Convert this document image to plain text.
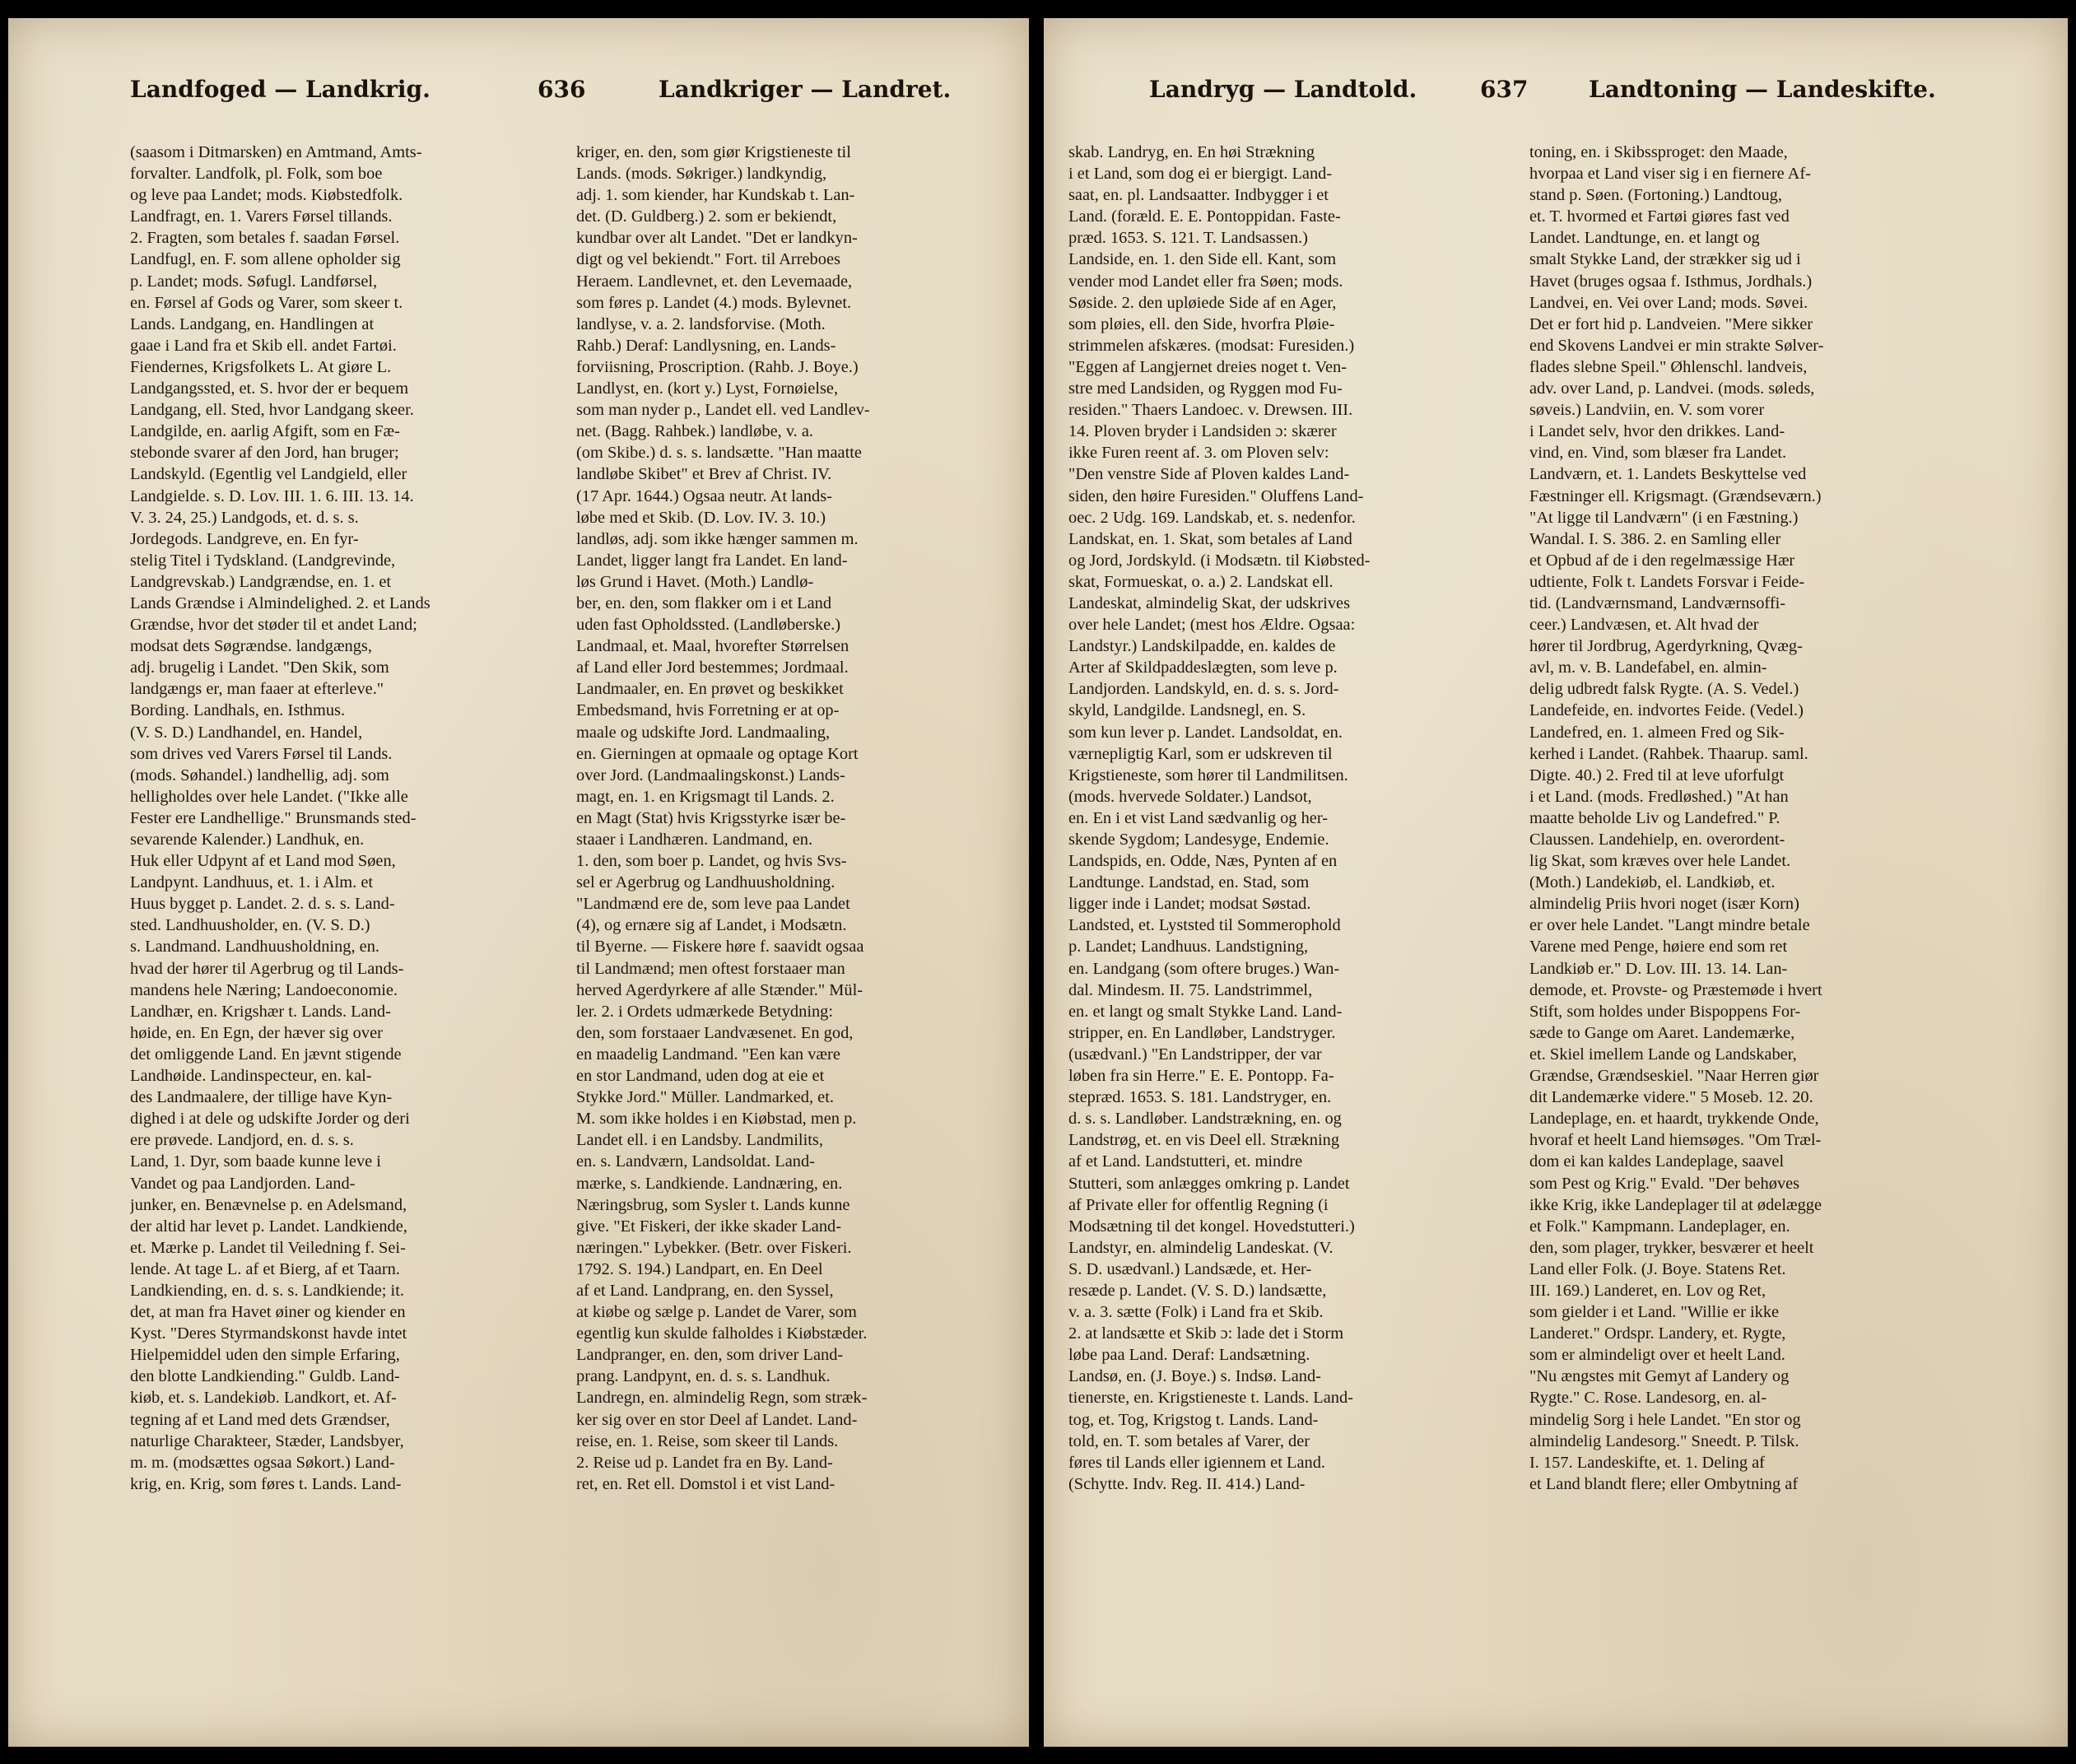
Landfoged — Landkrig.	636	Landkriger — Landret.
(saasom i Ditmarsken) en Amtmand, Amts-
forvalter. Landfolk, pl. Folk, som boe
og leve paa Landet; mods. Kiøbstedfolk.
Landfragt, en. 1. Varers Førsel tillands.
2. Fragten, som betales f. saadan Førsel.
Landfugl, en. F. som allene opholder sig
p. Landet; mods. Søfugl. Landførsel,
en. Førsel af Gods og Varer, som skeer t.
Lands. Landgang, en. Handlingen at
gaae i Land fra et Skib ell. andet Fartøi.
Fiendernes, Krigsfolkets L. At giøre L.
Landgangssted, et. S. hvor der er bequem
Landgang, ell. Sted, hvor Landgang skeer.
Landgilde, en. aarlig Afgift, som en Fæ-
stebonde svarer af den Jord, han bruger;
Landskyld. (Egentlig vel Landgield, eller
Landgielde. s. D. Lov. III. 1. 6. III. 13. 14.
V. 3. 24, 25.) Landgods, et. d. s. s.
Jordegods. Landgreve, en. En fyr-
stelig Titel i Tydskland. (Landgrevinde,
Landgrevskab.) Landgrændse, en. 1. et
Lands Grændse i Almindelighed. 2. et Lands
Grændse, hvor det støder til et andet Land;
modsat dets Søgrændse. landgængs,
adj. brugelig i Landet. "Den Skik, som
landgængs er, man faaer at efterleve."
Bording. Landhals, en. Isthmus.
(V. S. D.) Landhandel, en. Handel,
som drives ved Varers Førsel til Lands.
(mods. Søhandel.) landhellig, adj. som
helligholdes over hele Landet. ("Ikke alle
Fester ere Landhellige." Brunsmands sted-
sevarende Kalender.) Landhuk, en.
Huk eller Udpynt af et Land mod Søen,
Landpynt. Landhuus, et. 1. i Alm. et
Huus bygget p. Landet. 2. d. s. s. Land-
sted. Landhuusholder, en. (V. S. D.)
s. Landmand. Landhuusholdning, en.
hvad der hører til Agerbrug og til Lands-
mandens hele Næring; Landoeconomie.
Landhær, en. Krigshær t. Lands. Land-
høide, en. En Egn, der hæver sig over
det omliggende Land. En jævnt stigende
Landhøide. Landinspecteur, en. kal-
des Landmaalere, der tillige have Kyn-
dighed i at dele og udskifte Jorder og deri
ere prøvede. Landjord, en. d. s. s.
Land, 1. Dyr, som baade kunne leve i
Vandet og paa Landjorden. Land-
junker, en. Benævnelse p. en Adelsmand,
der altid har levet p. Landet. Landkiende,
et. Mærke p. Landet til Veiledning f. Sei-
lende. At tage L. af et Bierg, af et Taarn.
Landkiending, en. d. s. s. Landkiende; it.
det, at man fra Havet øiner og kiender en
Kyst. "Deres Styrmandskonst havde intet
Hielpemiddel uden den simple Erfaring,
den blotte Landkiending." Guldb. Land-
kiøb, et. s. Landekiøb. Landkort, et. Af-
tegning af et Land med dets Grændser,
naturlige Charakteer, Stæder, Landsbyer,
m. m. (modsættes ogsaa Søkort.) Land-
krig, en. Krig, som føres t. Lands. Land-
kriger, en. den, som giør Krigstieneste til
Lands. (mods. Søkriger.) landkyndig,
adj. 1. som kiender, har Kundskab t. Lan-
det. (D. Guldberg.) 2. som er bekiendt,
kundbar over alt Landet. "Det er landkyn-
digt og vel bekiendt." Fort. til Arreboes
Heraem. Landlevnet, et. den Levemaade,
som føres p. Landet (4.) mods. Bylevnet.
landlyse, v. a. 2. landsforvise. (Moth.
Rahb.) Deraf: Landlysning, en. Lands-
forviisning, Proscription. (Rahb. J. Boye.)
Landlyst, en. (kort y.) Lyst, Fornøielse,
som man nyder p., Landet ell. ved Landlev-
net. (Bagg. Rahbek.) landløbe, v. a.
(om Skibe.) d. s. s. landsætte. "Han maatte
landløbe Skibet" et Brev af Christ. IV.
(17 Apr. 1644.) Ogsaa neutr. At lands-
løbe med et Skib. (D. Lov. IV. 3. 10.)
landløs, adj. som ikke hænger sammen m.
Landet, ligger langt fra Landet. En land-
løs Grund i Havet. (Moth.) Landlø-
ber, en. den, som flakker om i et Land
uden fast Opholdssted. (Landløberske.)
Landmaal, et. Maal, hvorefter Størrelsen
af Land eller Jord bestemmes; Jordmaal.
Landmaaler, en. En prøvet og beskikket
Embedsmand, hvis Forretning er at op-
maale og udskifte Jord. Landmaaling,
en. Gierningen at opmaale og optage Kort
over Jord. (Landmaalingskonst.) Lands-
magt, en. 1. en Krigsmagt til Lands. 2.
en Magt (Stat) hvis Krigsstyrke især be-
staaer i Landhæren. Landmand, en.
1. den, som boer p. Landet, og hvis Svs-
sel er Agerbrug og Landhuusholdning.
"Landmænd ere de, som leve paa Landet
(4), og ernære sig af Landet, i Modsætn.
til Byerne. — Fiskere høre f. saavidt ogsaa
til Landmænd; men oftest forstaaer man
herved Agerdyrkere af alle Stænder." Mül-
ler. 2. i Ordets udmærkede Betydning:
den, som forstaaer Landvæsenet. En god,
en maadelig Landmand. "Een kan være
en stor Landmand, uden dog at eie et
Stykke Jord." Müller. Landmarked, et.
M. som ikke holdes i en Kiøbstad, men p.
Landet ell. i en Landsby. Landmilits,
en. s. Landværn, Landsoldat. Land-
mærke, s. Landkiende. Landnæring, en.
Næringsbrug, som Sysler t. Lands kunne
give. "Et Fiskeri, der ikke skader Land-
næringen." Lybekker. (Betr. over Fiskeri.
1792. S. 194.) Landpart, en. En Deel
af et Land. Landprang, en. den Syssel,
at kiøbe og sælge p. Landet de Varer, som
egentlig kun skulde falholdes i Kiøbstæder.
Landpranger, en. den, som driver Land-
prang. Landpynt, en. d. s. s. Landhuk.
Landregn, en. almindelig Regn, som stræk-
ker sig over en stor Deel af Landet. Land-
reise, en. 1. Reise, som skeer til Lands.
2. Reise ud p. Landet fra en By. Land-
ret, en. Ret ell. Domstol i et vist Land-
Landryg — Landtold.	637	Landtoning — Landeskifte.
skab. Landryg, en. En høi Strækning
i et Land, som dog ei er biergigt. Land-
saat, en. pl. Landsaatter. Indbygger i et
Land. (foræld. E. E. Pontoppidan. Faste-
præd. 1653. S. 121. T. Landsassen.)
Landside, en. 1. den Side ell. Kant, som
vender mod Landet eller fra Søen; mods.
Søside. 2. den upløiede Side af en Ager,
som pløies, ell. den Side, hvorfra Pløie-
strimmelen afskæres. (modsat: Furesiden.)
"Eggen af Langjernet dreies noget t. Ven-
stre med Landsiden, og Ryggen mod Fu-
residen." Thaers Landoec. v. Drewsen. III.
14. Ploven bryder i Landsiden ɔ: skærer
ikke Furen reent af. 3. om Ploven selv:
"Den venstre Side af Ploven kaldes Land-
siden, den høire Furesiden." Oluffens Land-
oec. 2 Udg. 169. Landskab, et. s. nedenfor.
Landskat, en. 1. Skat, som betales af Land
og Jord, Jordskyld. (i Modsætn. til Kiøbsted-
skat, Formueskat, o. a.) 2. Landskat ell.
Landeskat, almindelig Skat, der udskrives
over hele Landet; (mest hos Ældre. Ogsaa:
Landstyr.) Landskilpadde, en. kaldes de
Arter af Skildpaddeslægten, som leve p.
Landjorden. Landskyld, en. d. s. s. Jord-
skyld, Landgilde. Landsnegl, en. S.
som kun lever p. Landet. Landsoldat, en.
værnepligtig Karl, som er udskreven til
Krigstieneste, som hører til Landmilitsen.
(mods. hvervede Soldater.) Landsot,
en. En i et vist Land sædvanlig og her-
skende Sygdom; Landesyge, Endemie.
Landspids, en. Odde, Næs, Pynten af en
Landtunge. Landstad, en. Stad, som
ligger inde i Landet; modsat Søstad.
Landsted, et. Lyststed til Sommerophold
p. Landet; Landhuus. Landstigning,
en. Landgang (som oftere bruges.) Wan-
dal. Mindesm. II. 75. Landstrimmel,
en. et langt og smalt Stykke Land. Land-
stripper, en. En Landløber, Landstryger.
(usædvanl.) "En Landstripper, der var
løben fra sin Herre." E. E. Pontopp. Fa-
stepræd. 1653. S. 181. Landstryger, en.
d. s. s. Landløber. Landstrækning, en. og
Landstrøg, et. en vis Deel ell. Strækning
af et Land. Landstutteri, et. mindre
Stutteri, som anlægges omkring p. Landet
af Private eller for offentlig Regning (i
Modsætning til det kongel. Hovedstutteri.)
Landstyr, en. almindelig Landeskat. (V.
S. D. usædvanl.) Landsæde, et. Her-
resæde p. Landet. (V. S. D.) landsætte,
v. a. 3. sætte (Folk) i Land fra et Skib.
2. at landsætte et Skib ɔ: lade det i Storm
løbe paa Land. Deraf: Landsætning.
Landsø, en. (J. Boye.) s. Indsø. Land-
tienerste, en. Krigstieneste t. Lands. Land-
tog, et. Tog, Krigstog t. Lands. Land-
told, en. T. som betales af Varer, der
føres til Lands eller igiennem et Land.
(Schytte. Indv. Reg. II. 414.) Land-
toning, en. i Skibssproget: den Maade,
hvorpaa et Land viser sig i en fiernere Af-
stand p. Søen. (Fortoning.) Landtoug,
et. T. hvormed et Fartøi giøres fast ved
Landet. Landtunge, en. et langt og
smalt Stykke Land, der strækker sig ud i
Havet (bruges ogsaa f. Isthmus, Jordhals.)
Landvei, en. Vei over Land; mods. Søvei.
Det er fort hid p. Landveien. "Mere sikker
end Skovens Landvei er min strakte Sølver-
flades slebne Speil." Øhlenschl. landveis,
adv. over Land, p. Landvei. (mods. søleds,
søveis.) Landviin, en. V. som vorer
i Landet selv, hvor den drikkes. Land-
vind, en. Vind, som blæser fra Landet.
Landværn, et. 1. Landets Beskyttelse ved
Fæstninger ell. Krigsmagt. (Grændseværn.)
"At ligge til Landværn" (i en Fæstning.)
Wandal. I. S. 386. 2. en Samling eller
et Opbud af de i den regelmæssige Hær
udtiente, Folk t. Landets Forsvar i Feide-
tid. (Landværnsmand, Landværnsoffi-
ceer.) Landvæsen, et. Alt hvad der
hører til Jordbrug, Agerdyrkning, Qvæg-
avl, m. v. B. Landefabel, en. almin-
delig udbredt falsk Rygte. (A. S. Vedel.)
Landefeide, en. indvortes Feide. (Vedel.)
Landefred, en. 1. almeen Fred og Sik-
kerhed i Landet. (Rahbek. Thaarup. saml.
Digte. 40.) 2. Fred til at leve uforfulgt
i et Land. (mods. Fredløshed.) "At han
maatte beholde Liv og Landefred." P.
Claussen. Landehielp, en. overordent-
lig Skat, som kræves over hele Landet.
(Moth.) Landekiøb, el. Landkiøb, et.
almindelig Priis hvori noget (især Korn)
er over hele Landet. "Langt mindre betale
Varene med Penge, høiere end som ret
Landkiøb er." D. Lov. III. 13. 14. Lan-
demode, et. Provste- og Præstemøde i hvert
Stift, som holdes under Bispoppens For-
sæde to Gange om Aaret. Landemærke,
et. Skiel imellem Lande og Landskaber,
Grændse, Grændseskiel. "Naar Herren giør
dit Landemærke videre." 5 Moseb. 12. 20.
Landeplage, en. et haardt, trykkende Onde,
hvoraf et heelt Land hiemsøges. "Om Træl-
dom ei kan kaldes Landeplage, saavel
som Pest og Krig." Evald. "Der behøves
ikke Krig, ikke Landeplager til at ødelægge
et Folk." Kampmann. Landeplager, en.
den, som plager, trykker, besværer et heelt
Land eller Folk. (J. Boye. Statens Ret.
III. 169.) Landeret, en. Lov og Ret,
som gielder i et Land. "Willie er ikke
Landeret." Ordspr. Landery, et. Rygte,
som er almindeligt over et heelt Land.
"Nu ængstes mit Gemyt af Landery og
Rygte." C. Rose. Landesorg, en. al-
mindelig Sorg i hele Landet. "En stor og
almindelig Landesorg." Sneedt. P. Tilsk.
I. 157. Landeskifte, et. 1. Deling af
et Land blandt flere; eller Ombytning af
